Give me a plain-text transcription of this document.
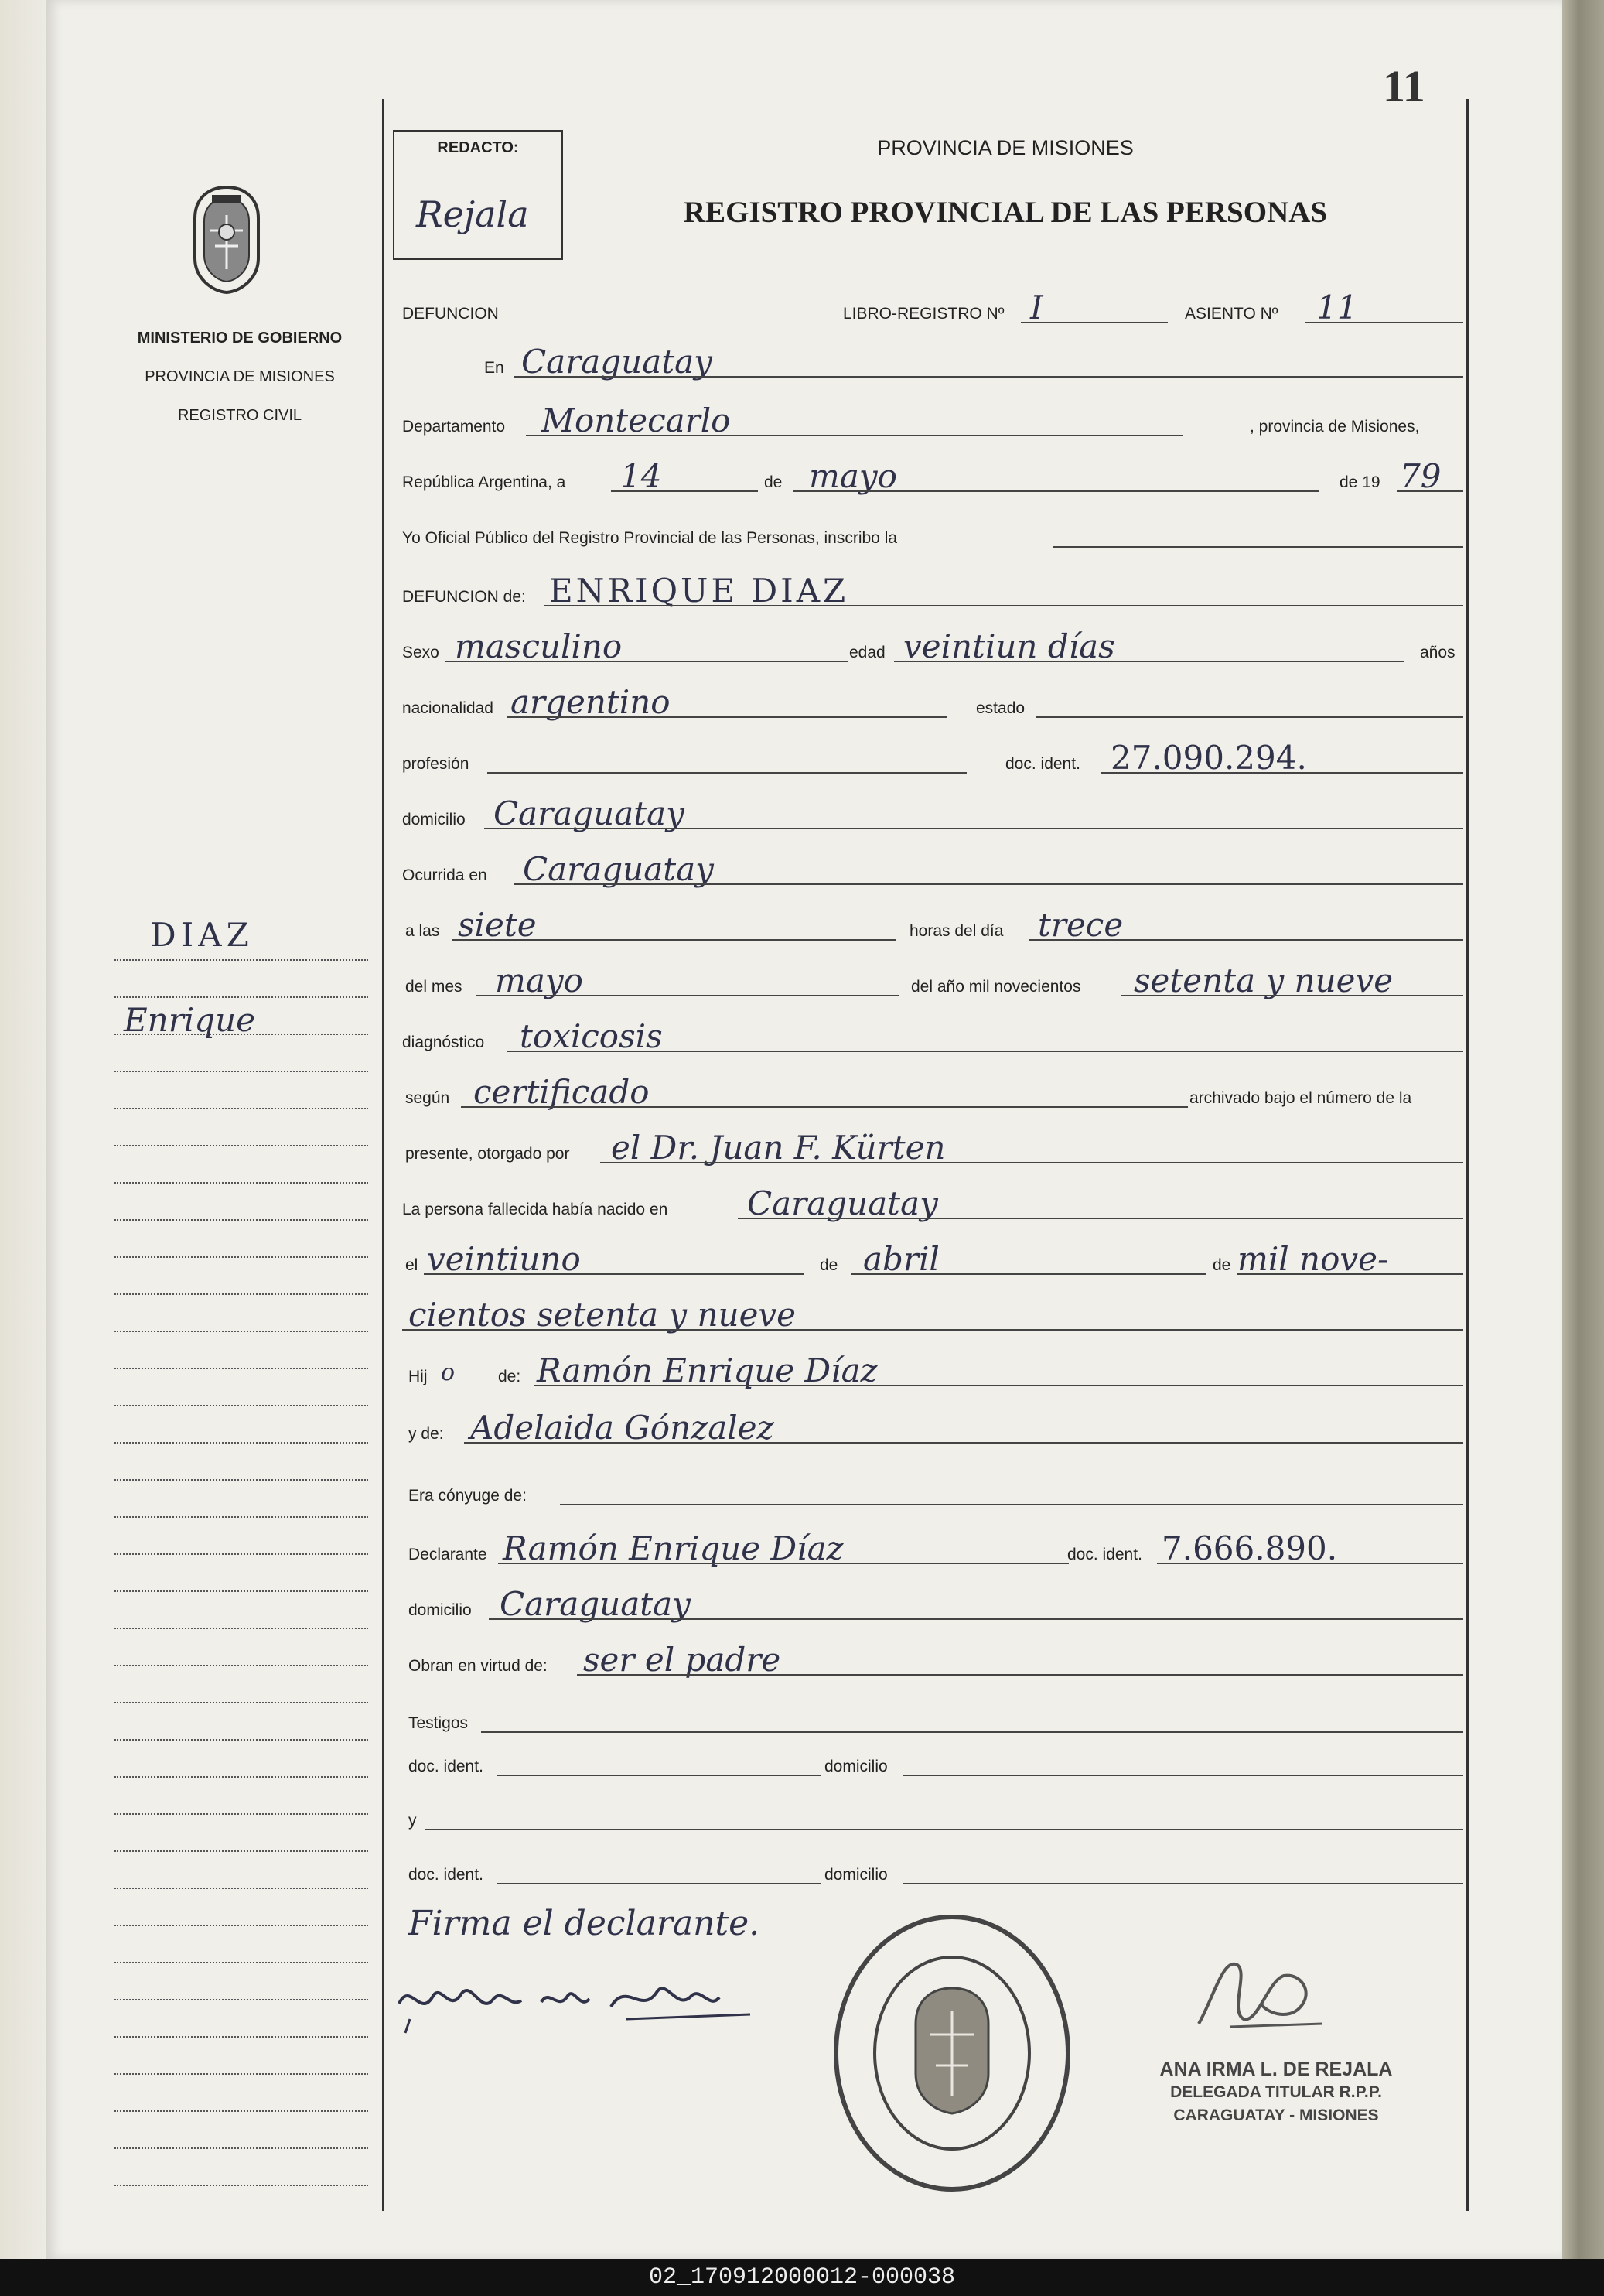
11
REDACTO:
Rejala
PROVINCIA DE MISIONES
REGISTRO PROVINCIAL DE LAS PERSONAS
MINISTERIO DE GOBIERNO
PROVINCIA DE MISIONES
REGISTRO CIVIL
DEFUNCION	LIBRO-REGISTRO Nº I	ASIENTO Nº 11
En Caraguatay
Departamento Montecarlo	, provincia de Misiones,
República Argentina, a 14	de mayo	de 19 79
Yo Oficial Público del Registro Provincial de las Personas, inscribo la
DEFUNCION de: ENRIQUE DIAZ
Sexo masculino	edad veintiun días	años
nacionalidad argentino	estado
profesión	doc. ident. 27.090.294.
domicilio Caraguatay
Ocurrida en Caraguatay
a las siete	horas del día trece
del mes mayo	del año mil novecientos setenta y nueve
diagnóstico toxicosis
según certificado	archivado bajo el número de la
presente, otorgado por el Dr. Juan F. Kürten
La persona fallecida había nacido en Caraguatay
el veintiuno	de abril	de mil nove-
cientos setenta y nueve
Hij o	de: Ramón Enrique Díaz
y de: Adelaida Gónzalez
Era cónyuge de:
Declarante Ramón Enrique Díaz	doc. ident. 7.666.890.
domicilio Caraguatay
Obran en virtud de: ser el padre
Testigos
doc. ident.	domicilio
y
doc. ident.	domicilio
Firma el declarante.
ANA IRMA L. DE REJALA
DELEGADA TITULAR R.P.P.
CARAGUATAY - MISIONES
DIAZ
Enrique
02_170912000012-000038
